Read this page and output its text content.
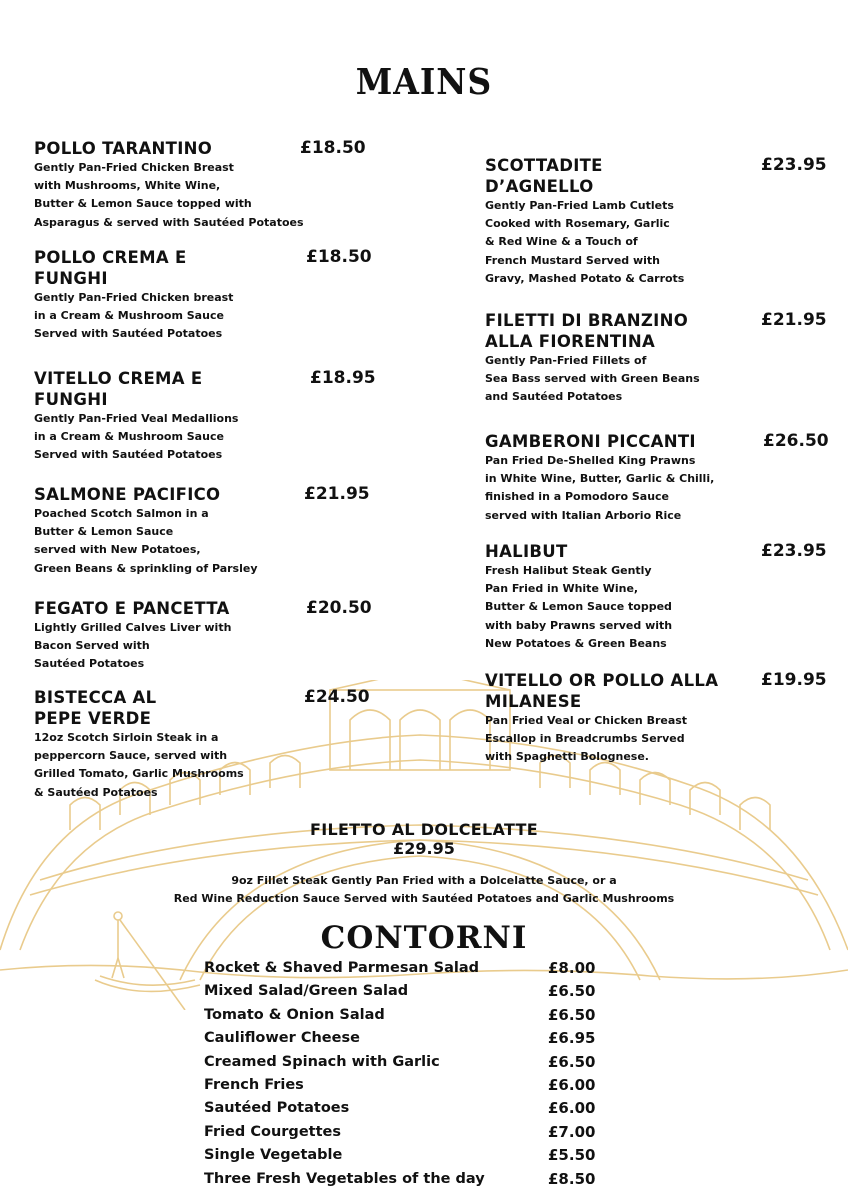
MAINS
POLLO TARANTINO	£18.50
Gently Pan-Fried Chicken Breast
with Mushrooms, White Wine,
Butter & Lemon Sauce topped with
Asparagus & served with Sautéed Potatoes
POLLO CREMA E FUNGHI
£18.50
Gently Pan-Fried Chicken breast
in a Cream & Mushroom Sauce
Served with Sautéed Potatoes
VITELLO CREMA E FUNGHI
£18.95
Gently Pan-Fried Veal Medallions
in a Cream & Mushroom Sauce
Served with Sautéed Potatoes
SALMONE PACIFICO	£21.95
Poached Scotch Salmon in a
Butter & Lemon Sauce
served with New Potatoes,
Green Beans & sprinkling of Parsley
FEGATO E PANCETTA	£20.50
Lightly Grilled Calves Liver with
Bacon Served with
Sautéed Potatoes
BISTECCA AL PEPE VERDE
£24.50
12oz Scotch Sirloin Steak in a
peppercorn Sauce, served with
Grilled Tomato, Garlic Mushrooms
& Sautéed Potatoes
SCOTTADITE D’AGNELLO
£23.95
Gently Pan-Fried Lamb Cutlets
Cooked with Rosemary, Garlic
& Red Wine & a Touch of
French Mustard Served with
Gravy, Mashed Potato & Carrots
FILETTI DI BRANZINO ALLA FIORENTINA
£21.95
Gently Pan-Fried Fillets of
Sea Bass served with Green Beans
and Sautéed Potatoes
GAMBERONI PICCANTI	£26.50
Pan Fried De-Shelled King Prawns
in White Wine, Butter, Garlic & Chilli,
finished in a Pomodoro Sauce
served with Italian Arborio Rice
HALIBUT	£23.95
Fresh Halibut Steak Gently
Pan Fried in White Wine,
Butter & Lemon Sauce topped
with baby Prawns served with
New Potatoes & Green Beans
VITELLO OR POLLO ALLA MILANESE
£19.95
Pan Fried Veal or Chicken Breast
Escallop in Breadcrumbs Served
with Spaghetti Bolognese.
FILETTO AL DOLCELATTE
£29.95
9oz Fillet Steak Gently Pan Fried with a Dolcelatte Sauce, or a
Red Wine Reduction Sauce Served with Sautéed Potatoes and Garlic Mushrooms
CONTORNI
Rocket & Shaved Parmesan Salad	£8.00
Mixed Salad/Green Salad	£6.50
Tomato & Onion Salad	£6.50
Cauliflower Cheese	£6.95
Creamed Spinach with Garlic	£6.50
French Fries	£6.00
Sautéed Potatoes	£6.00
Fried Courgettes	£7.00
Single Vegetable	£5.50
Three Fresh Vegetables of the day	£8.50
